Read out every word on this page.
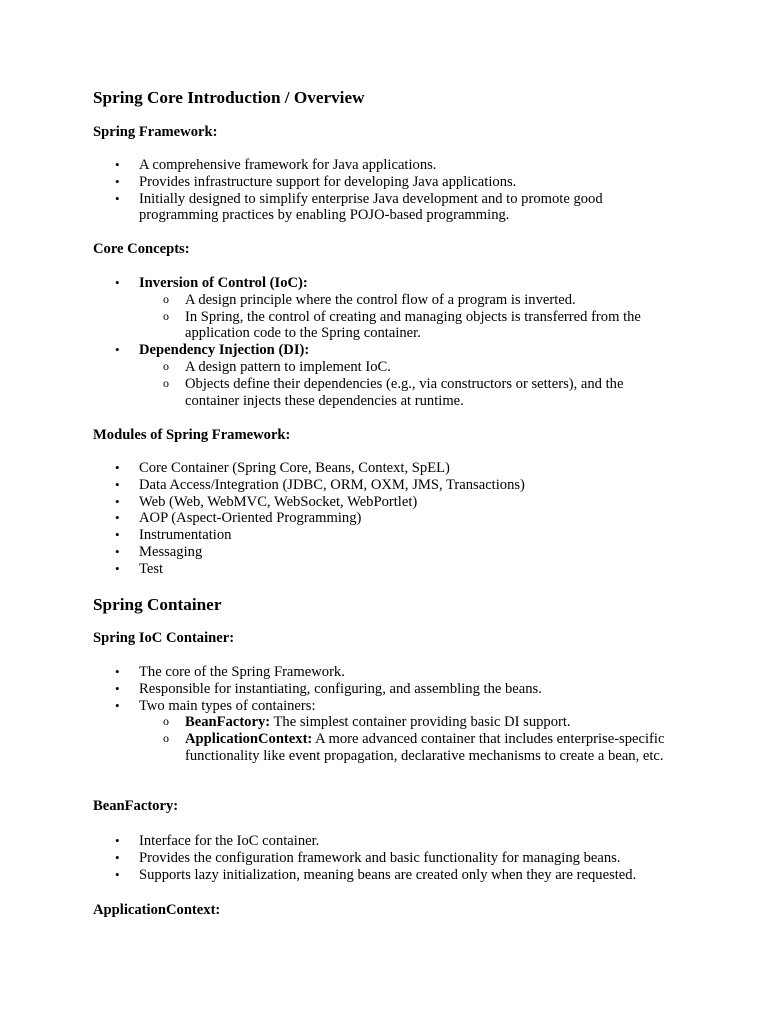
Spring Core Introduction / Overview
Spring Framework:
• A comprehensive framework for Java applications.
• Provides infrastructure support for developing Java applications.
• Initially designed to simplify enterprise Java development and to promote good programming practices by enabling POJO-based programming.
Core Concepts:
• Inversion of Control (IoC):
o A design principle where the control flow of a program is inverted.
o In Spring, the control of creating and managing objects is transferred from the application code to the Spring container.
• Dependency Injection (DI):
o A design pattern to implement IoC.
o Objects define their dependencies (e.g., via constructors or setters), and the container injects these dependencies at runtime.
Modules of Spring Framework:
• Core Container (Spring Core, Beans, Context, SpEL)
• Data Access/Integration (JDBC, ORM, OXM, JMS, Transactions)
• Web (Web, WebMVC, WebSocket, WebPortlet)
• AOP (Aspect-Oriented Programming)
• Instrumentation
• Messaging
• Test
Spring Container
Spring IoC Container:
• The core of the Spring Framework.
• Responsible for instantiating, configuring, and assembling the beans.
• Two main types of containers:
o BeanFactory: The simplest container providing basic DI support.
o ApplicationContext: A more advanced container that includes enterprise-specific functionality like event propagation, declarative mechanisms to create a bean, etc.
BeanFactory:
• Interface for the IoC container.
• Provides the configuration framework and basic functionality for managing beans.
• Supports lazy initialization, meaning beans are created only when they are requested.
ApplicationContext:
